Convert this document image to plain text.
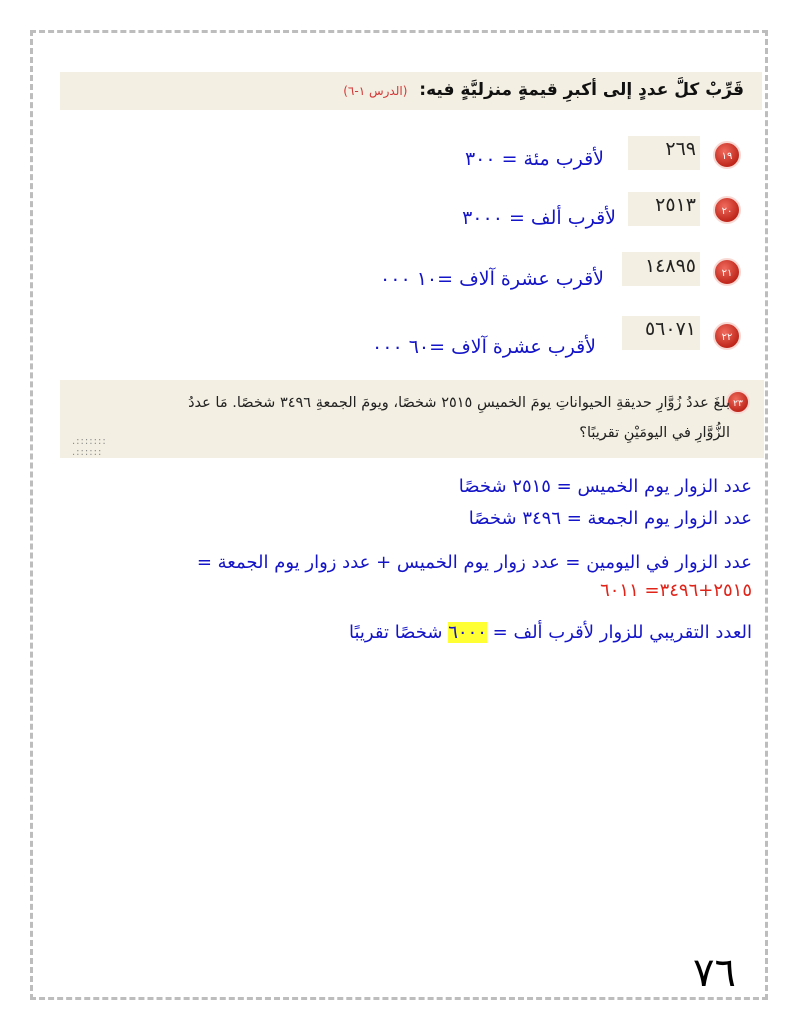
قَرِّبْ كلَّ عددٍ إلى أكبرِ قيمةٍ منزليَّةٍ فيه: (الدرس ١-٦)
١٩
٢٦٩
لأقرب مئة = ٣٠٠
٢٠
٢٥١٣
لأقرب ألف = ٣٠٠٠
٢١
١٤٨٩٥
لأقرب عشرة آلاف =١٠ ٠٠٠
٢٢
٥٦٠٧١
لأقرب عشرة آلاف =٦٠ ٠٠٠
٢٣
بلغَ عددُ زُوَّارِ حديقةِ الحيواناتِ يومَ الخميسِ ٢٥١٥ شخصًا، ويومَ الجمعةِ ٣٤٩٦ شخصًا. مَا عددُ
الزُّوَّارِ في اليومَيْنِ تقريبًا؟
.:::::::
.::::::
عدد الزوار يوم الخميس = ٢٥١٥ شخصًا
عدد الزوار يوم الجمعة = ٣٤٩٦ شخصًا
عدد الزوار في اليومين = عدد زوار يوم الخميس + عدد زوار يوم الجمعة =
٢٥١٥+٣٤٩٦= ٦٠١١
العدد التقريبي للزوار لأقرب ألف = ٦٠٠٠ شخصًا تقريبًا
٧٦
